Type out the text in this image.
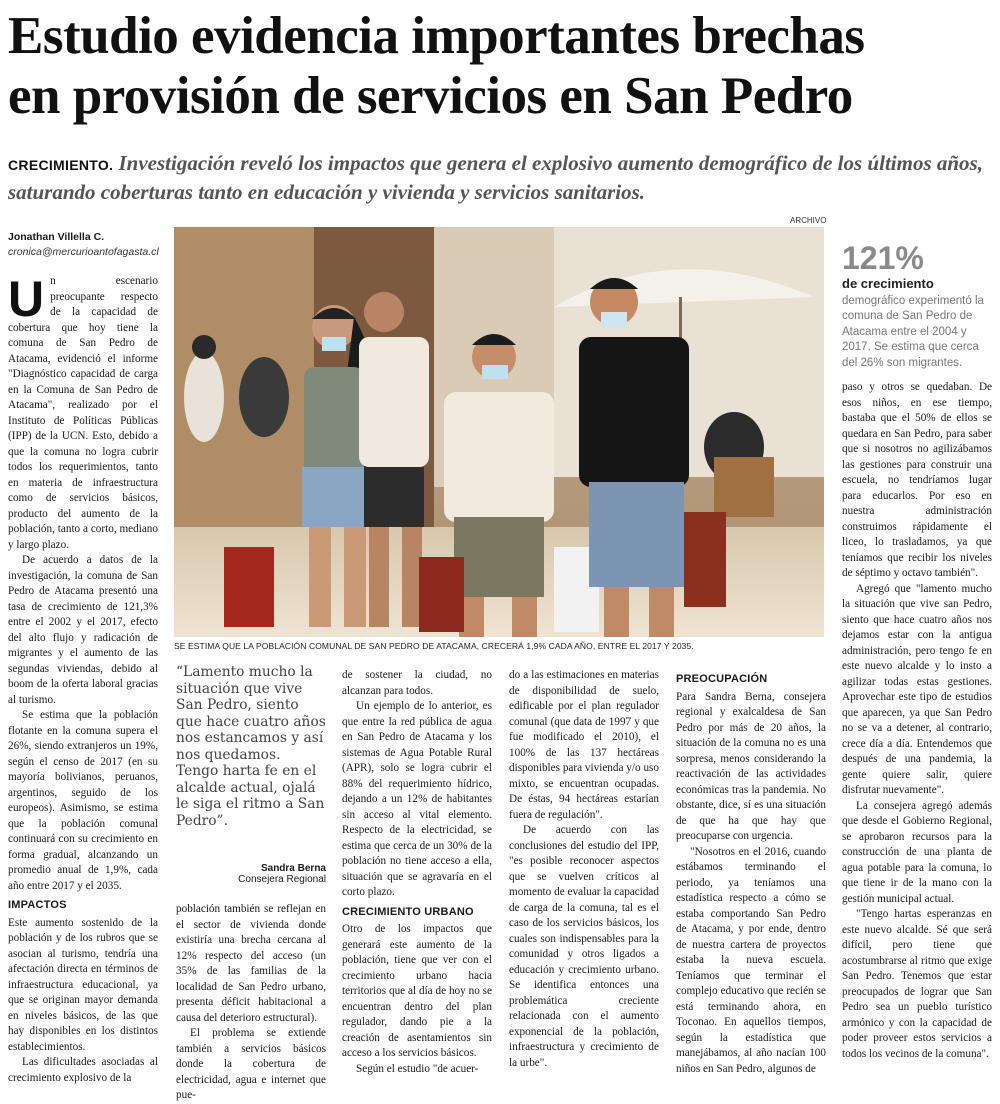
Estudio evidencia importantes brechas
en provisión de servicios en San Pedro
CRECIMIENTO. Investigación reveló los impactos que genera el explosivo aumento demográfico de los últimos años, saturando coberturas tanto en educación y vivienda y servicios sanitarios.
Jonathan Villella C.
cronica@mercurioantofagasta.cl
ARCHIVO
SE ESTIMA QUE LA POBLACIÓN COMUNAL DE SAN PEDRO DE ATACAMA, CRECERÁ 1,9% CADA AÑO, ENTRE EL 2017 Y 2035.
121%
de crecimiento demográfico experimentó la comuna de San Pedro de Atacama entre el 2004 y 2017. Se estima que cerca del 26% son migrantes.
U n escenario preocupante respecto de la capacidad de cobertura que hoy tiene la comuna de San Pedro de Atacama, evidenció el informe "Diagnóstico capacidad de carga en la Comuna de San Pedro de Atacama", realizado por el Instituto de Políticas Públicas (IPP) de la UCN. Esto, debido a que la comuna no logra cubrir todos los requerimientos, tanto en materia de infraestructura como de servicios básicos, producto del aumento de la población, tanto a corto, mediano y largo plazo.

De acuerdo a datos de la investigación, la comuna de San Pedro de Atacama presentó una tasa de crecimiento de 121,3% entre el 2002 y el 2017, efecto del alto flujo y radicación de migrantes y el aumento de las segundas viviendas, debido al boom de la oferta laboral gracias al turismo.

Se estima que la población flotante en la comuna supera el 26%, siendo extranjeros un 19%, según el censo de 2017 (en su mayoría bolivianos, peruanos, argentinos, seguido de los europeos). Asimismo, se estima que la población comunal continuará con su crecimiento en forma gradual, alcanzando un promedio anual de 1,9%, cada año entre 2017 y el 2035.

IMPACTOS

Este aumento sostenido de la población y de los rubros que se asocian al turismo, tendría una afectación directa en términos de infraestructura educacional, ya que se originan mayor demanda en niveles básicos, de las que hay disponibles en los distintos establecimientos.

Las dificultades asociadas al crecimiento explosivo de la

“Lamento mucho la situación que vive San Pedro, siento que hace cuatro años nos estancamos y así nos quedamos. Tengo harta fe en el alcalde actual, ojalá le siga el ritmo a San Pedro”.
Sandra Berna
Consejera Regional

población también se reflejan en el sector de vivienda donde existiría una brecha cercana al 12% respecto del acceso (un 35% de las familias de la localidad de San Pedro urbano, presenta déficit habitacional a causa del deterioro estructural).

El problema se extiende también a servicios básicos donde la cobertura de electricidad, agua e internet que pue-

de sostener la ciudad, no alcanzan para todos.

Un ejemplo de lo anterior, es que entre la red pública de agua en San Pedro de Atacama y los sistemas de Agua Potable Rural (APR), solo se logra cubrir el 88% del requerimiento hídrico, dejando a un 12% de habitantes sin acceso al vital elemento. Respecto de la electricidad, se estima que cerca de un 30% de la población no tiene acceso a ella, situación que se agravaría en el corto plazo.

CRECIMIENTO URBANO

Otro de los impactos que generará este aumento de la población, tiene que ver con el crecimiento urbano hacia territorios que al día de hoy no se encuentran dentro del plan regulador, dando pie a la creación de asentamientos sin acceso a los servicios básicos.

Según el estudio "de acuer-

do a las estimaciones en materias de disponibilidad de suelo, edificable por el plan regulador comunal (que data de 1997 y que fue modificado el 2010), el 100% de las 137 hectáreas disponibles para vivienda y/o uso mixto, se encuentran ocupadas. De éstas, 94 hectáreas estarían fuera de regulación".

De acuerdo con las conclusiones del estudio del IPP, "es posible reconocer aspectos que se vuelven críticos al momento de evaluar la capacidad de carga de la comuna, tal es el caso de los servicios básicos, los cuales son indispensables para la comunidad y otros ligados a educación y crecimiento urbano. Se identifica entonces una problemática creciente relacionada con el aumento exponencial de la población, infraestructura y crecimiento de la urbe".

PREOCUPACIÓN

Para Sandra Berna, consejera regional y exalcaldesa de San Pedro por más de 20 años, la situación de la comuna no es una sorpresa, menos considerando la reactivación de las actividades económicas tras la pandemia. No obstante, dice, sí es una situación de que ha que hay que preocuparse con urgencia.

"Nosotros en el 2016, cuando estábamos terminando el periodo, ya teníamos una estadística respecto a cómo se estaba comportando San Pedro de Atacama, y por ende, dentro de nuestra cartera de proyectos estaba la nueva escuela. Teníamos que terminar el complejo educativo que recién se está terminando ahora, en Toconao. En aquellos tiempos, según la estadística que manejábamos, al año nacían 100 niños en San Pedro, algunos de

paso y otros se quedaban. De esos niños, en ese tiempo, bastaba que el 50% de ellos se quedara en San Pedro, para saber que si nosotros no agilizábamos las gestiones para construir una escuela, no tendríamos lugar para educarlos. Por eso en nuestra administración construimos rápidamente el liceo, lo trasladamos, ya que teníamos que recibir los niveles de séptimo y octavo también".

Agregó que "lamento mucho la situación que vive san Pedro, siento que hace cuatro años nos dejamos estar con la antigua administración, pero tengo fe en este nuevo alcalde y lo insto a agilizar todas estas gestiones. Aprovechar este tipo de estudios que aparecen, ya que San Pedro no se va a detener, al contrario, crece día a día. Entendemos que después de una pandemia, la gente quiere salir, quiere disfrutar nuevamente".

La consejera agregó además que desde el Gobierno Regional, se aprobaron recursos para la construcción de una planta de agua potable para la comuna, lo que tiene ir de la mano con la gestión municipal actual.

"Tengo hartas esperanzas en este nuevo alcalde. Sé que será difícil, pero tiene que acostumbrarse al ritmo que exige San Pedro. Tenemos que estar preocupados de lograr que San Pedro sea un pueblo turístico armónico y con la capacidad de poder proveer estos servicios a todos los vecinos de la comuna".
